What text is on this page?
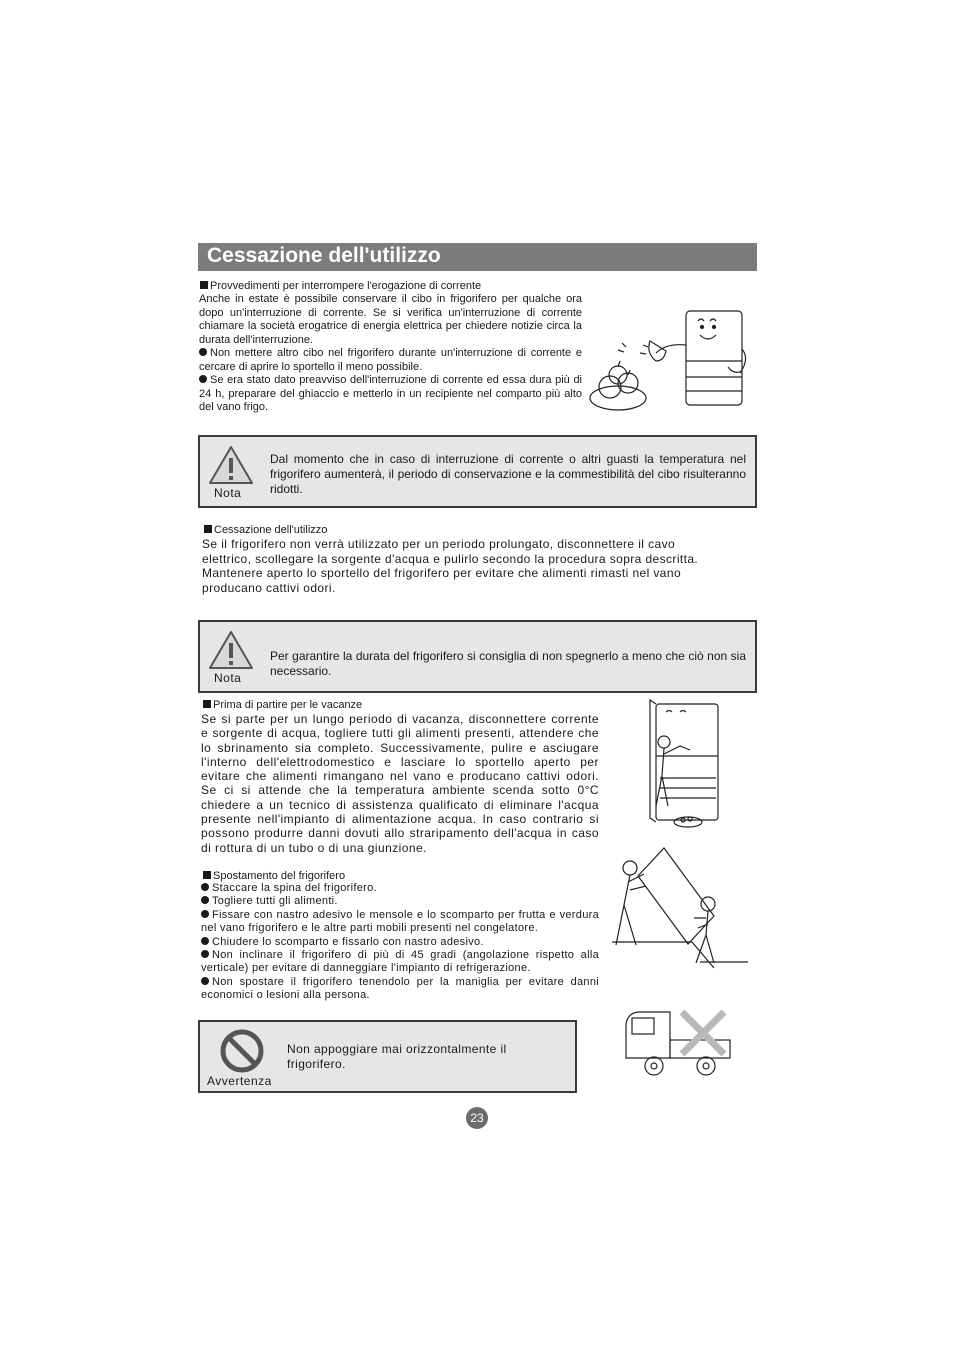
Cessazione dell'utilizzo
Provvedimenti per interrompere l'erogazione di corrente

Anche in estate è possibile conservare il cibo in frigorifero per qualche ora dopo un'interruzione di corrente. Se si verifica un'interruzione di corrente chiamare la società erogatrice di energia elettrica per chiedere notizie circa la durata dell'interruzione.

Non mettere altro cibo nel frigorifero durante un'interruzione di corrente e cercare di aprire lo sportello il meno possibile.

Se era stato dato preavviso dell'interruzione di corrente ed essa dura più di 24 h, preparare del ghiaccio e metterlo in un recipiente nel comparto più alto del vano frigo.

Nota
Dal momento che in caso di interruzione di corrente o altri guasti la temperatura nel frigorifero aumenterà, il periodo di conservazione e la commestibilità del cibo risulteranno ridotti.
Cessazione dell'utilizzo

Se il frigorifero non verrà utilizzato per un periodo prolungato, disconnettere il cavo

elettrico, scollegare la sorgente d'acqua e pulirlo secondo la procedura sopra descritta.

Mantenere aperto lo sportello del frigorifero per evitare che alimenti rimasti nel vano

producano cattivi odori.

Nota
Per garantire la durata del frigorifero si consiglia di non spegnerlo a meno che ciò non sia necessario.
Prima di partire per le vacanze

Se si parte per un lungo periodo di vacanza, disconnettere corrente e sorgente di acqua, togliere tutti gli alimenti presenti, attendere che lo sbrinamento sia completo. Successivamente, pulire e asciugare l'interno dell'elettrodomestico e lasciare lo sportello aperto per evitare che alimenti rimangano nel vano e producano cattivi odori. Se ci si attende che la temperatura ambiente scenda sotto 0°C chiedere a un tecnico di assistenza qualificato di eliminare l'acqua presente nell'impianto di alimentazione acqua. In caso contrario si possono produrre danni dovuti allo straripamento dell'acqua in caso di rottura di un tubo o di una giunzione.

Spostamento del frigorifero

Staccare la spina del frigorifero.

Togliere tutti gli alimenti.

Fissare con nastro adesivo le mensole e lo scomparto per frutta e verdura nel vano frigorifero e le altre parti mobili presenti nel congelatore.

Chiudere lo scomparto e fissarlo con nastro adesivo.

Non inclinare il frigorifero di più di 45 gradi (angolazione rispetto alla verticale) per evitare di danneggiare l'impianto di refrigerazione.

Non spostare il frigorifero tenendolo per la maniglia per evitare danni economici o lesioni alla persona.

Avvertenza
Non appoggiare mai orizzontalmente il frigorifero.
23
